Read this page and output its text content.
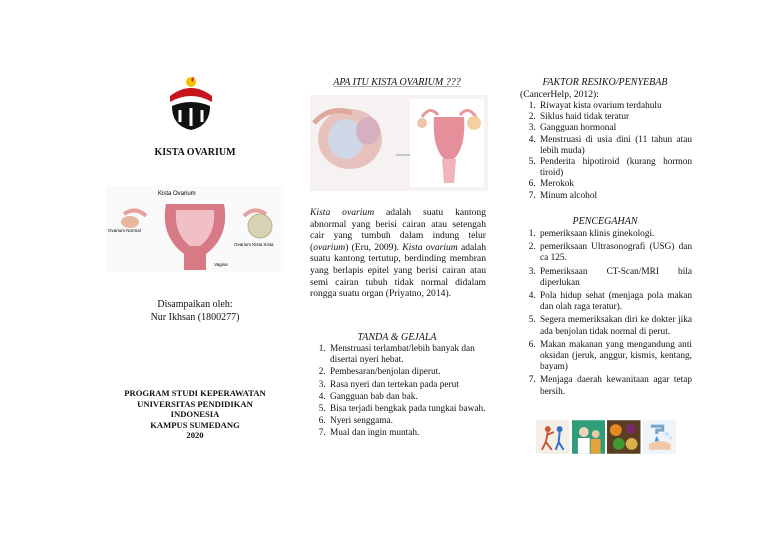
KISTA OVARIUM
Kista Ovarium
Ovarium Normal
Ovarium Kista Kista
Vagina
Disampaikan oleh:
Nur Ikhsan (1800277)
PROGRAM STUDI KEPERAWATAN
UNIVERSITAS PENDIDIKAN
INDONESIA
KAMPUS SUMEDANG
2020
APA ITU KISTA OVARIUM ???
Kista ovarium adalah suatu kantong abnormal yang berisi cairan atau setengah cair yang tumbuh dalam indung telur (ovarium) (Eru, 2009). Kista ovarium adalah suatu kantong tertutup, berdinding membran yang berlapis epitel yang berisi cairan atau semi cairan tubuh tidak normal didalam rongga suatu organ (Priyatno, 2014).
TANDA & GEJALA
1. Menstruasi terlambat/lebih banyak dan disertai nyeri hebat.
2. Pembesaran/benjolan diperut.
3. Rasa nyeri dan tertekan pada perut
4. Gangguan bab dan bak.
5. Bisa terjadi bengkak pada tungkai bawah.
6. Nyeri senggama.
7. Mual dan ingin muntah.
FAKTOR RESIKO/PENYEBAB
(CancerHelp, 2012):
1. Riwayat kista ovarium terdahulu
2. Siklus haid tidak teratur
3. Gangguan hormonal
4. Menstruasi di usia dini (11 tahun atau lebih muda)
5. Penderita hipotiroid (kurang hormon tiroid)
6. Merokok
7. Minum alcohol
PENCEGAHAN
1. pemeriksaan klinis ginekologi.
2. pemeriksaan Ultrasonografi (USG) dan ca 125.
3. Pemeriksaan CT-Scan/MRI bila diperlukan
4. Pola hidup sehat (menjaga pola makan dan olah raga teratur).
5. Segera memeriksakan diri ke dokter jika ada benjolan tidak normal di perut.
6. Makan makanan yang mengandung anti oksidan (jeruk, anggur, kismis, kentang, bayam)
7. Menjaga daerah kewanitaan agar tetap bersih.
